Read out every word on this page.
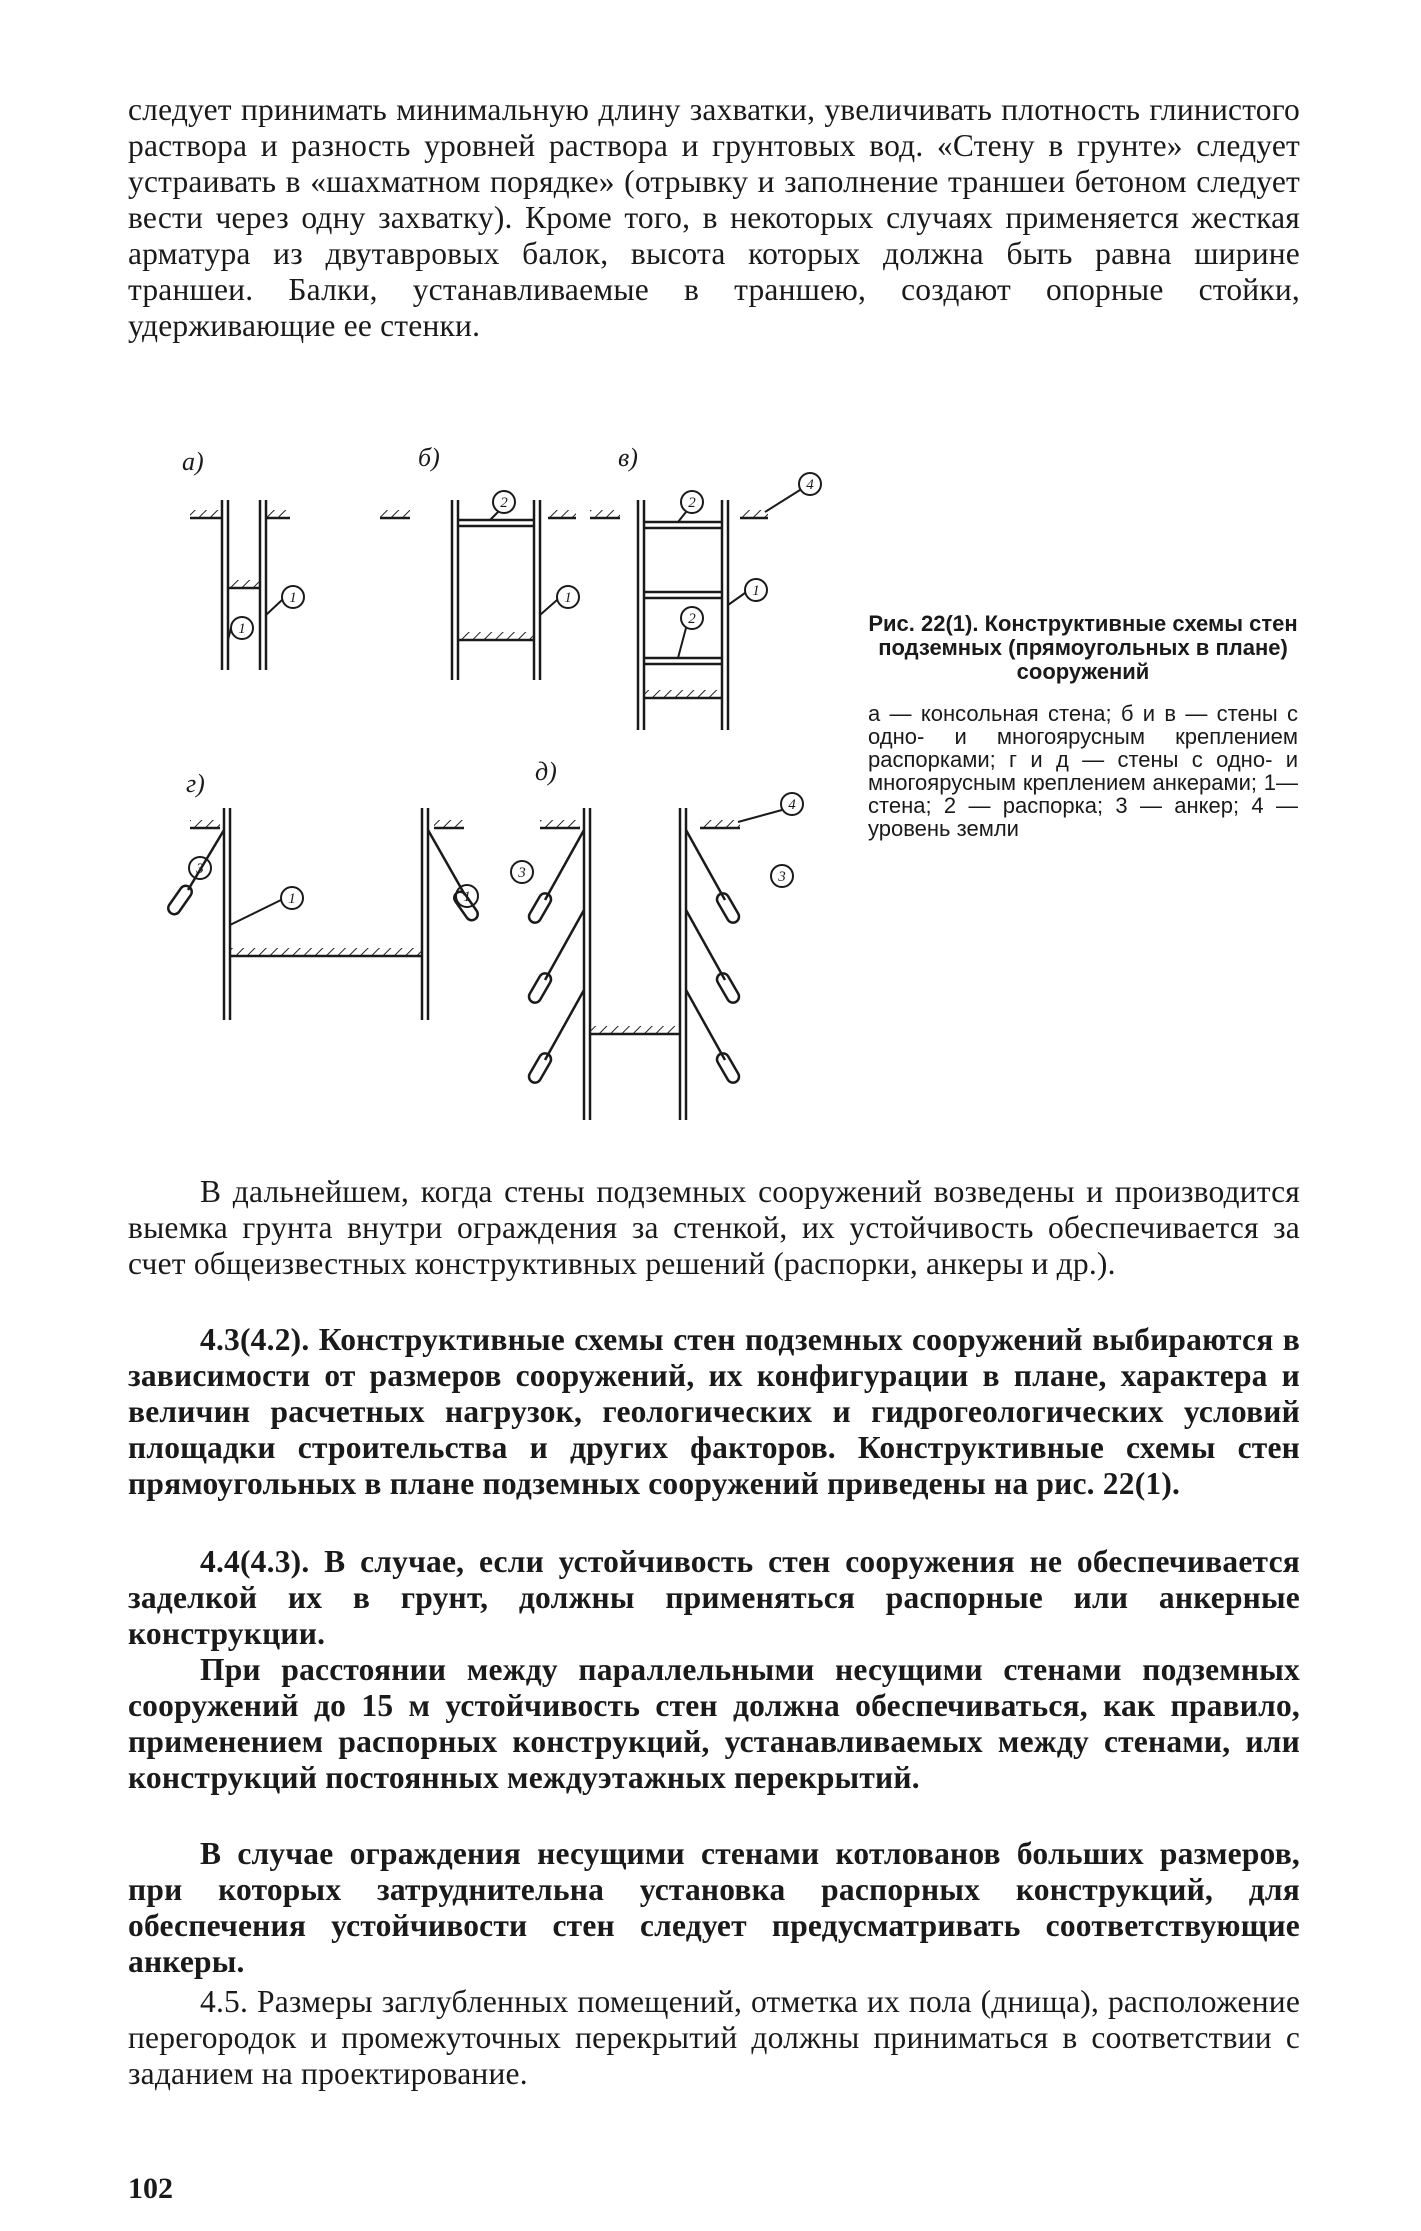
следует принимать минимальную длину захватки, увеличивать плотность глинистого раствора и разность уровней раствора и грунтовых вод. «Стену в грунте» следует устраивать в «шахматном порядке» (отрывку и заполнение траншеи бетоном следует вести через одну захватку). Кроме того, в некоторых случаях применяется жесткая арматура из двутавровых балок, высота которых должна быть равна ширине траншеи. Балки, устанавливаемые в траншею, создают опорные стойки, удерживающие ее стенки.

а)	б)	в)
г)	д)
1
1
2
1
2
2
1
4
3
1	1
3
4
3

Рис. 22(1). Конструктивные схемы стен подземных (прямоугольных в плане) сооружений

а — консольная стена; б и в — стены с одно- и многоярусным креплением распорками; г и д — стены с одно- и многоярусным креплением анкерами; 1— стена; 2 — распорка; 3 — анкер; 4 — уровень земли

В дальнейшем, когда стены подземных сооружений возведены и производится выемка грунта внутри ограждения за стенкой, их устойчивость обеспечивается за счет общеизвестных конструктивных решений (распорки, анкеры и др.).

4.3(4.2). Конструктивные схемы стен подземных сооружений выбираются в зависимости от размеров сооружений, их конфигурации в плане, характера и величин расчетных нагрузок, геологических и гидрогеологических условий площадки строительства и других факторов. Конструктивные схемы стен прямоугольных в плане подземных сооружений приведены на рис. 22(1).

4.4(4.3). В случае, если устойчивость стен сооружения не обеспечивается заделкой их в грунт, должны применяться распорные или анкерные конструкции.

При расстоянии между параллельными несущими стенами подземных сооружений до 15 м устойчивость стен должна обеспечиваться, как правило, применением распорных конструкций, устанавливаемых между стенами, или конструкций постоянных междуэтажных перекрытий.

В случае ограждения несущими стенами котлованов больших размеров, при которых затруднительна установка распорных конструкций, для обеспечения устойчивости стен следует предусматривать соответствующие анкеры.

4.5. Размеры заглубленных помещений, отметка их пола (днища), расположение перегородок и промежуточных перекрытий должны приниматься в соответствии с заданием на проектирование.

102
